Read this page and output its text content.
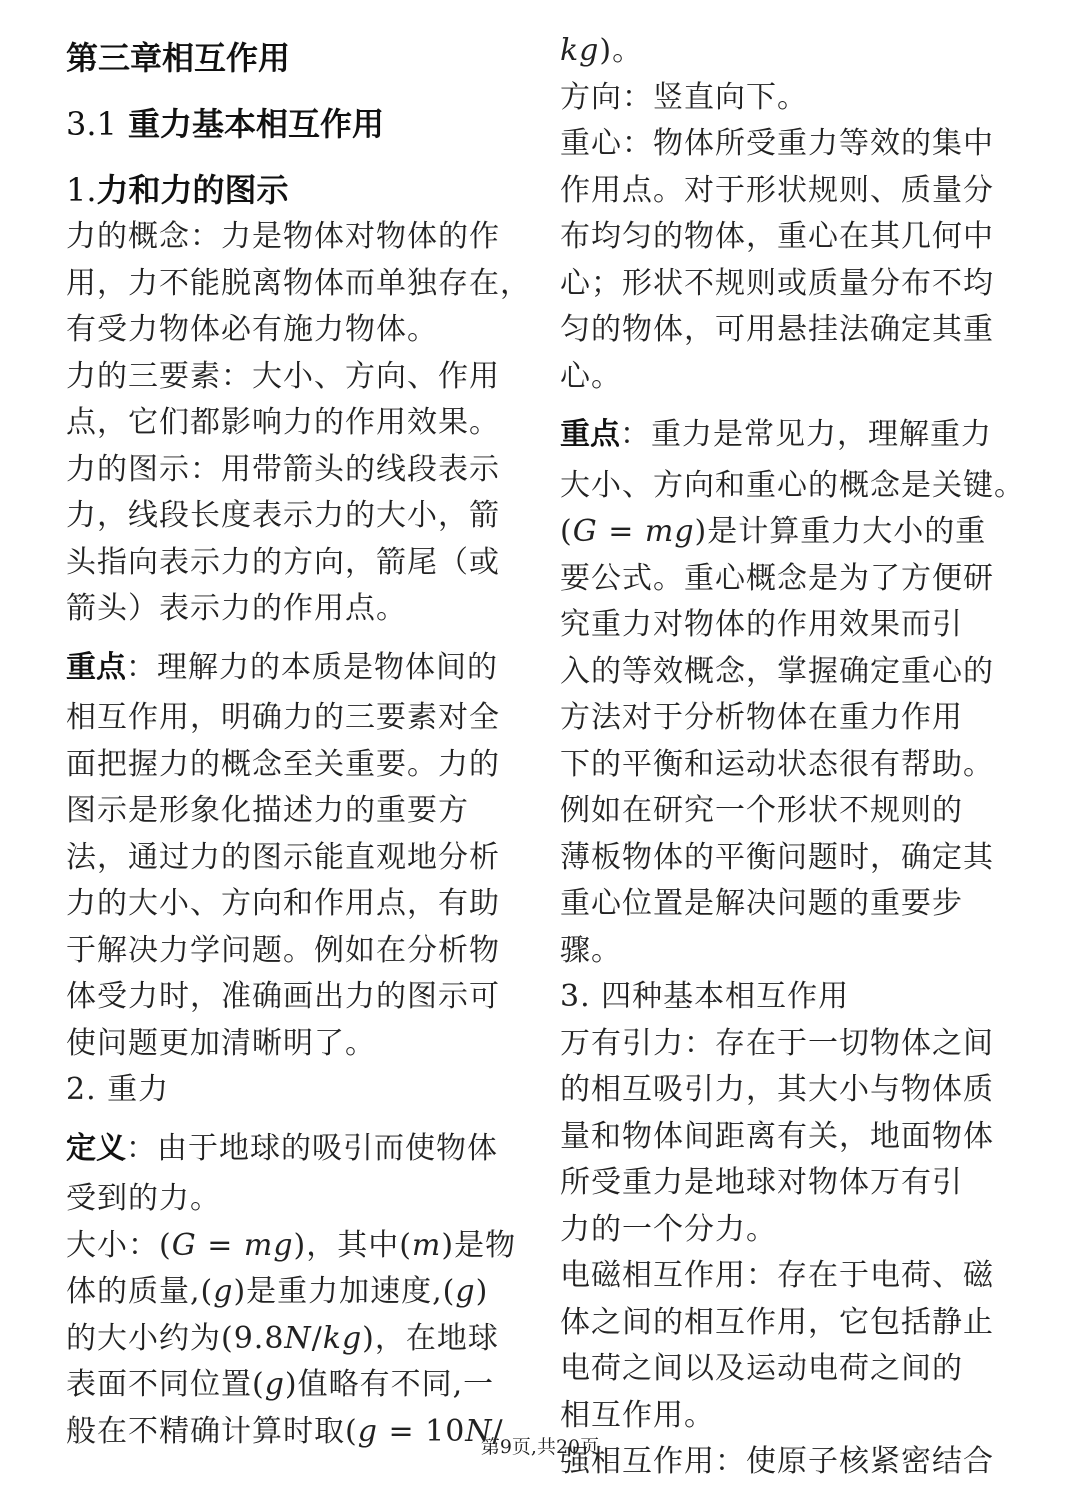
第三章相互作用
3.1 重力基本相互作用
1.力和力的图示
力的概念：力是物体对物体的作
用，力不能脱离物体而单独存在，
有受力物体必有施力物体。
力的三要素：大小、方向、作用
点，它们都影响力的作用效果。
力的图示：用带箭头的线段表示
力，线段长度表示力的大小，箭
头指向表示力的方向，箭尾（或
箭头）表示力的作用点。
重点：理解力的本质是物体间的
相互作用，明确力的三要素对全
面把握力的概念至关重要。力的
图示是形象化描述力的重要方
法，通过力的图示能直观地分析
力的大小、方向和作用点，有助
于解决力学问题。例如在分析物
体受力时，准确画出力的图示可
使问题更加清晰明了。
2. 重力
定义：由于地球的吸引而使物体
受到的力。
大小：(𝐺 = 𝑚𝑔)，其中(𝑚)是物
体的质量,(𝑔)是重力加速度,(𝑔)
的大小约为(9.8𝑁/𝑘𝑔)，在地球
表面不同位置(𝑔)值略有不同,一
般在不精确计算时取(𝑔 = 10𝑁/
𝑘𝑔)。
方向：竖直向下。
重心：物体所受重力等效的集中
作用点。对于形状规则、质量分
布均匀的物体，重心在其几何中
心；形状不规则或质量分布不均
匀的物体，可用悬挂法确定其重
心。
重点：重力是常见力，理解重力
大小、方向和重心的概念是关键。
(𝐺 = 𝑚𝑔)是计算重力大小的重
要公式。重心概念是为了方便研
究重力对物体的作用效果而引
入的等效概念，掌握确定重心的
方法对于分析物体在重力作用
下的平衡和运动状态很有帮助。
例如在研究一个形状不规则的
薄板物体的平衡问题时，确定其
重心位置是解决问题的重要步
骤。
3. 四种基本相互作用
万有引力：存在于一切物体之间
的相互吸引力，其大小与物体质
量和物体间距离有关，地面物体
所受重力是地球对物体万有引
力的一个分力。
电磁相互作用：存在于电荷、磁
体之间的相互作用，它包括静止
电荷之间以及运动电荷之间的
相互作用。
强相互作用：使原子核紧密结合
第9页,共20页
